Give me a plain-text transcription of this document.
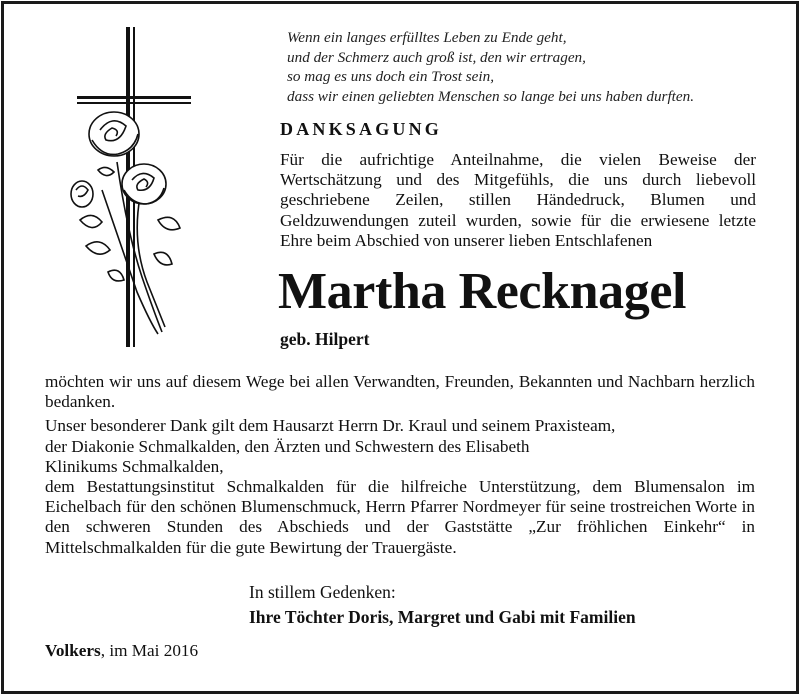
Wenn ein langes erfülltes Leben zu Ende geht,
und der Schmerz auch groß ist, den wir ertragen,
so mag es uns doch ein Trost sein,
dass wir einen geliebten Menschen so lange bei uns haben durften.
DANKSAGUNG
Für die aufrichtige Anteilnahme, die vielen Beweise der Wertschätzung und des Mitgefühls, die uns durch liebevoll geschriebene Zeilen, stillen Händedruck, Blumen und Geldzuwendungen zuteil wurden, sowie für die erwiesene letzte Ehre beim Abschied von unserer lieben Entschlafenen
Martha Recknagel
geb. Hilpert
möchten wir uns auf diesem Wege bei allen Verwandten, Freunden, Bekannten und Nachbarn herzlich bedanken.
Unser besonderer Dank gilt dem Hausarzt Herrn Dr. Kraul und seinem Praxisteam,
der Diakonie Schmalkalden, den Ärzten und Schwestern des Elisabeth
Klinikums Schmalkalden,
dem Bestattungsinstitut Schmalkalden für die hilfreiche Unterstützung, dem Blumensalon im Eichelbach für den schönen Blumenschmuck, Herrn Pfarrer Nordmeyer für seine trostreichen Worte in den schweren Stunden des Abschieds und der Gaststätte „Zur fröhlichen Einkehr“ in Mittelschmalkalden für die gute Bewirtung der Trauergäste.
In stillem Gedenken:
Ihre Töchter Doris, Margret und Gabi mit Familien
Volkers, im Mai 2016
